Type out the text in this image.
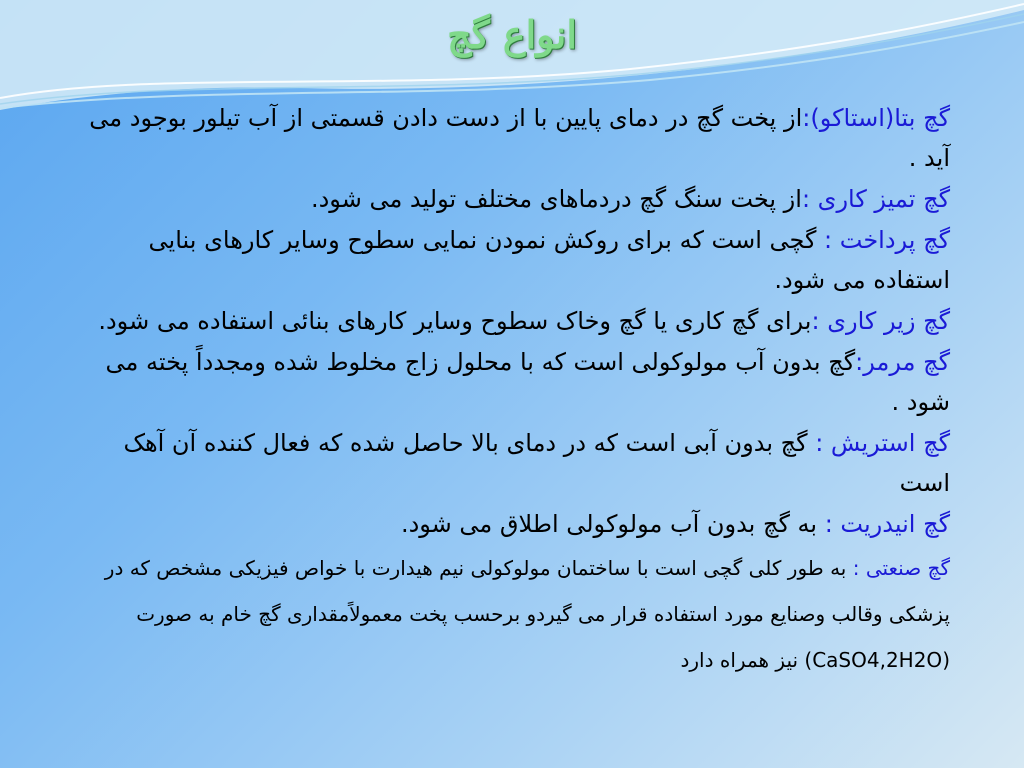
انواع گچ

گچ بتا(استاکو):از پخت گچ در دمای پایین با از دست دادن قسمتی از آب تیلور بوجود می آید .

گچ تمیز کاری :از پخت سنگ گچ دردماهای مختلف تولید می شود.

گچ پرداخت : گچی است که برای روکش نمودن نمایی سطوح وسایر کارهای بنایی استفاده می شود.

گچ زیر کاری :برای گچ کاری یا گچ وخاک سطوح وسایر کارهای بنائی استفاده می شود.

گچ مرمر:گچ بدون آب مولوکولی است که با محلول زاج مخلوط شده ومجدداً پخته می شود .

گچ استریش : گچ بدون آبی است که در دمای بالا حاصل شده که فعال کننده آن آهک است

گچ انیدریت : به گچ بدون آب مولوکولی اطلاق می شود.

گچ صنعتی : به طور کلی گچی است با ساختمان مولوکولی نیم هیدارت با خواص فیزیکی مشخص که در پزشکی وقالب وصنایع مورد استفاده قرار می گیردو برحسب پخت معمولاًمقداری گچ خام به صورت (CaSO4,2H2O) نیز همراه دارد
